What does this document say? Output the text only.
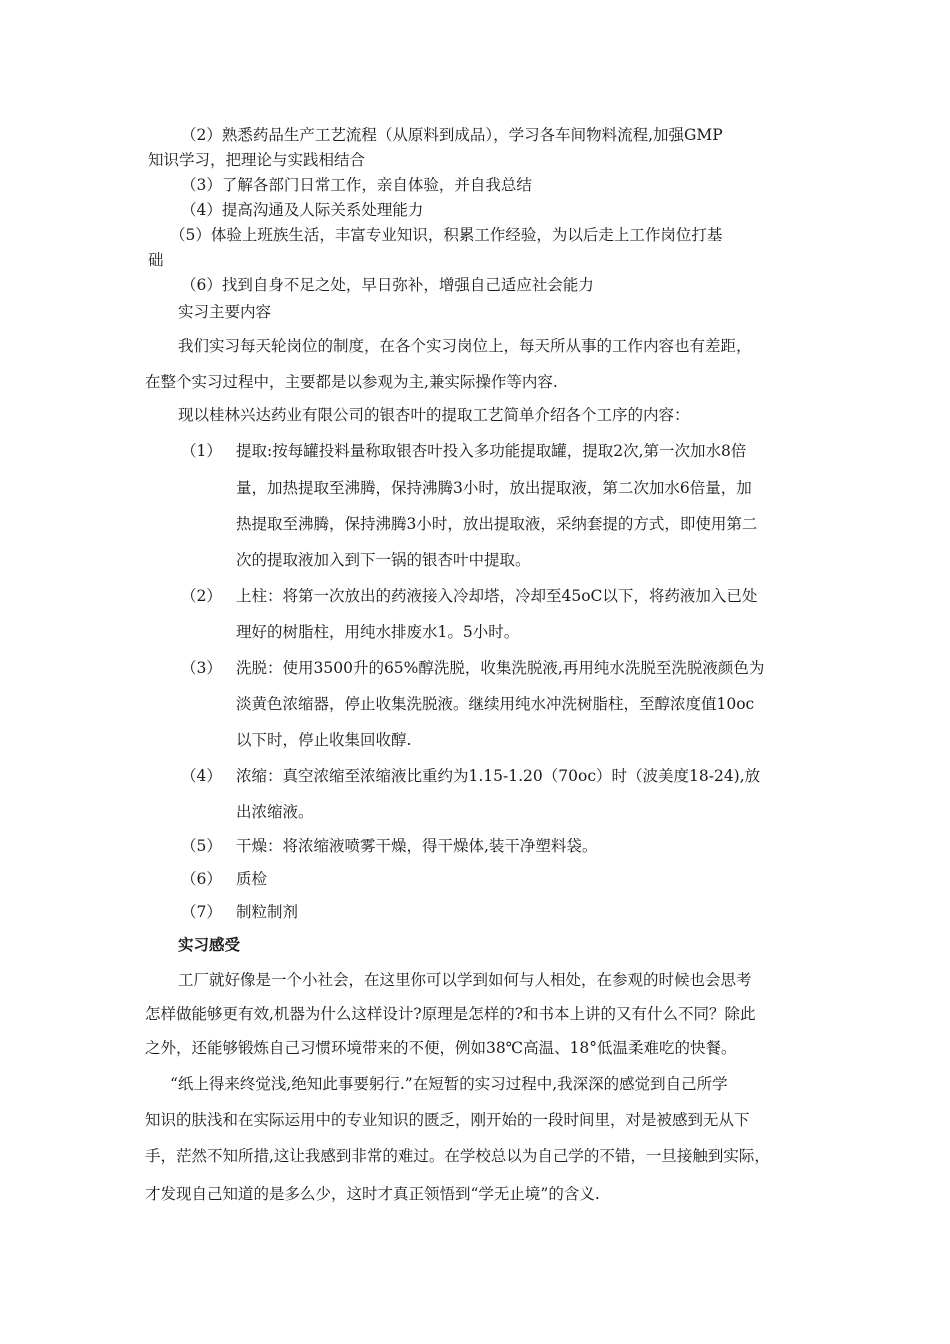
（2）熟悉药品生产工艺流程（从原料到成品），学习各车间物料流程,加强GMP
知识学习，把理论与实践相结合
（3）了解各部门日常工作，亲自体验，并自我总结
（4）提高沟通及人际关系处理能力
（5）体验上班族生活，丰富专业知识，积累工作经验，为以后走上工作岗位打基
础
（6）找到自身不足之处，早日弥补，增强自己适应社会能力
实习主要内容
我们实习每天轮岗位的制度，在各个实习岗位上，每天所从事的工作内容也有差距，
在整个实习过程中，主要都是以参观为主,兼实际操作等内容.
现以桂林兴达药业有限公司的银杏叶的提取工艺简单介绍各个工序的内容：
（1） 提取:按每罐投料量称取银杏叶投入多功能提取罐，提取2次,第一次加水8倍
量，加热提取至沸腾，保持沸腾3小时，放出提取液，第二次加水6倍量，加
热提取至沸腾，保持沸腾3小时，放出提取液，采纳套提的方式，即使用第二
次的提取液加入到下一锅的银杏叶中提取。
（2） 上柱：将第一次放出的药液接入冷却塔，冷却至45oC以下，将药液加入已处
理好的树脂柱，用纯水排废水1。5小时。
（3） 洗脱：使用3500升的65%醇洗脱，收集洗脱液,再用纯水洗脱至洗脱液颜色为
淡黄色浓缩器，停止收集洗脱液。继续用纯水冲洗树脂柱，至醇浓度值10oc
以下时，停止收集回收醇.
（4） 浓缩：真空浓缩至浓缩液比重约为1.15-1.20（70oc）时（波美度18-24),放
出浓缩液。
（5） 干燥：将浓缩液喷雾干燥，得干燥体,装干净塑料袋。
（6） 质检
（7） 制粒制剂
实习感受
工厂就好像是一个小社会，在这里你可以学到如何与人相处，在参观的时候也会思考
怎样做能够更有效,机器为什么这样设计?原理是怎样的?和书本上讲的又有什么不同？除此
之外，还能够锻炼自己习惯环境带来的不便，例如38℃高温、18°低温柔难吃的快餐。
“纸上得来终觉浅,绝知此事要躬行.”在短暂的实习过程中,我深深的感觉到自己所学
知识的肤浅和在实际运用中的专业知识的匮乏，刚开始的一段时间里，对是被感到无从下
手，茫然不知所措,这让我感到非常的难过。在学校总以为自己学的不错，一旦接触到实际，
才发现自己知道的是多么少，这时才真正领悟到“学无止境”的含义.
